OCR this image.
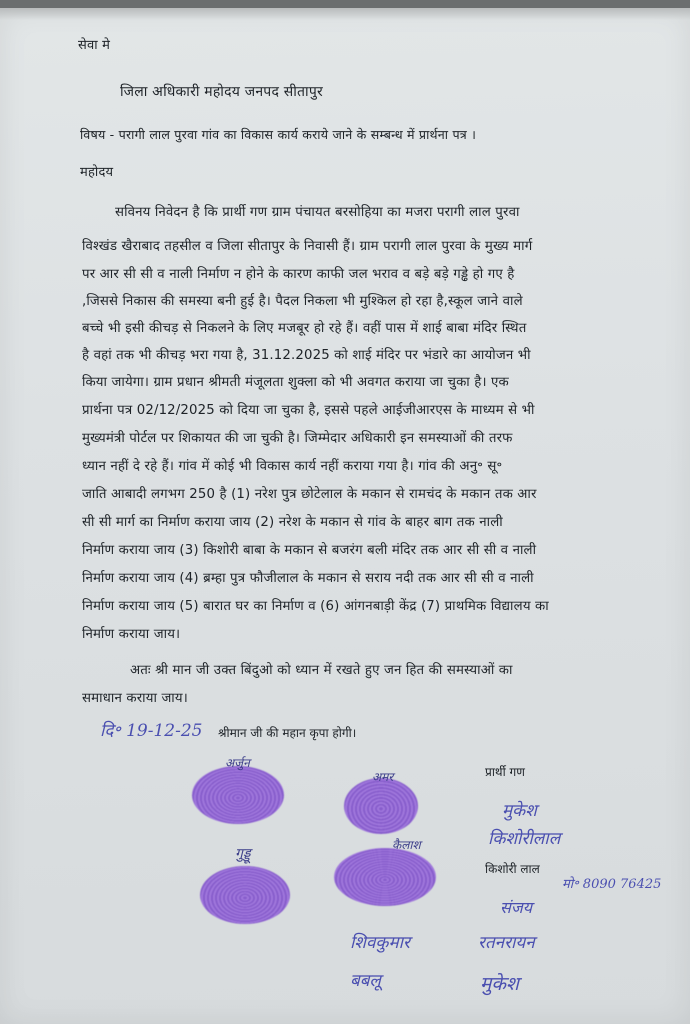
सेवा मे
जिला अधिकारी महोदय जनपद सीतापुर
विषय - परागी लाल पुरवा गांव का विकास कार्य कराये जाने के सम्बन्ध में प्रार्थना पत्र ।
महोदय
सविनय निवेदन है कि प्रार्थी गण ग्राम पंचायत बरसोहिया का मजरा परागी लाल पुरवा
विश्खंड खैराबाद तहसील व जिला सीतापुर के निवासी हैं। ग्राम परागी लाल पुरवा के मुख्य मार्ग
पर आर सी सी व नाली निर्माण न होने के कारण काफी जल भराव व बड़े बड़े गड्ढे हो गए है
,जिससे निकास की समस्या बनी हुई है। पैदल निकला भी मुश्किल हो रहा है,स्कूल जाने वाले
बच्चे भी इसी कीचड़ से निकलने के लिए मजबूर हो रहे हैं। वहीं पास में शाई बाबा मंदिर स्थित
है वहां तक भी कीचड़ भरा गया है, 31.12.2025 को शाई मंदिर पर भंडारे का आयोजन भी
किया जायेगा। ग्राम प्रधान श्रीमती मंजूलता शुक्ला को भी अवगत कराया जा चुका है। एक
प्रार्थना पत्र 02/12/2025 को दिया जा चुका है, इससे पहले आईजीआरएस के माध्यम से भी
मुख्यमंत्री पोर्टल पर शिकायत की जा चुकी है। जिम्मेदार अधिकारी इन समस्याओं की तरफ
ध्यान नहीं दे रहे हैं। गांव में कोई भी विकास कार्य नहीं कराया गया है। गांव की अनु॰ सू॰
जाति आबादी लगभग 250 है (1) नरेश पुत्र छोटेलाल के मकान से रामचंद के मकान तक आर
सी सी मार्ग का निर्माण कराया जाय (2) नरेश के मकान से गांव के बाहर बाग तक नाली
निर्माण कराया जाय (3) किशोरी बाबा के मकान से बजरंग बली मंदिर तक आर सी सी व नाली
निर्माण कराया जाय (4) ब्रम्हा पुत्र फौजीलाल के मकान से सराय नदी तक आर सी सी व नाली
निर्माण कराया जाय (5) बारात घर का निर्माण व (6) आंगनबाड़ी केंद्र (7) प्राथमिक विद्यालय का
निर्माण कराया जाय।
अतः श्री मान जी उक्त बिंदुओ को ध्यान में रखते हुए जन हित की समस्याओं का
समाधान कराया जाय।
दि॰ 19-12-25 श्रीमान जी की महान कृपा होगी।
प्रार्थी गण
अर्जुन
अमर
गुड्डू
कैलाश
मुकेश
किशोरीलाल
किशोरी लाल
मो॰ 8090 76425
संजय
शिवकुमार	रतनरायन
बबलू	मुकेश
